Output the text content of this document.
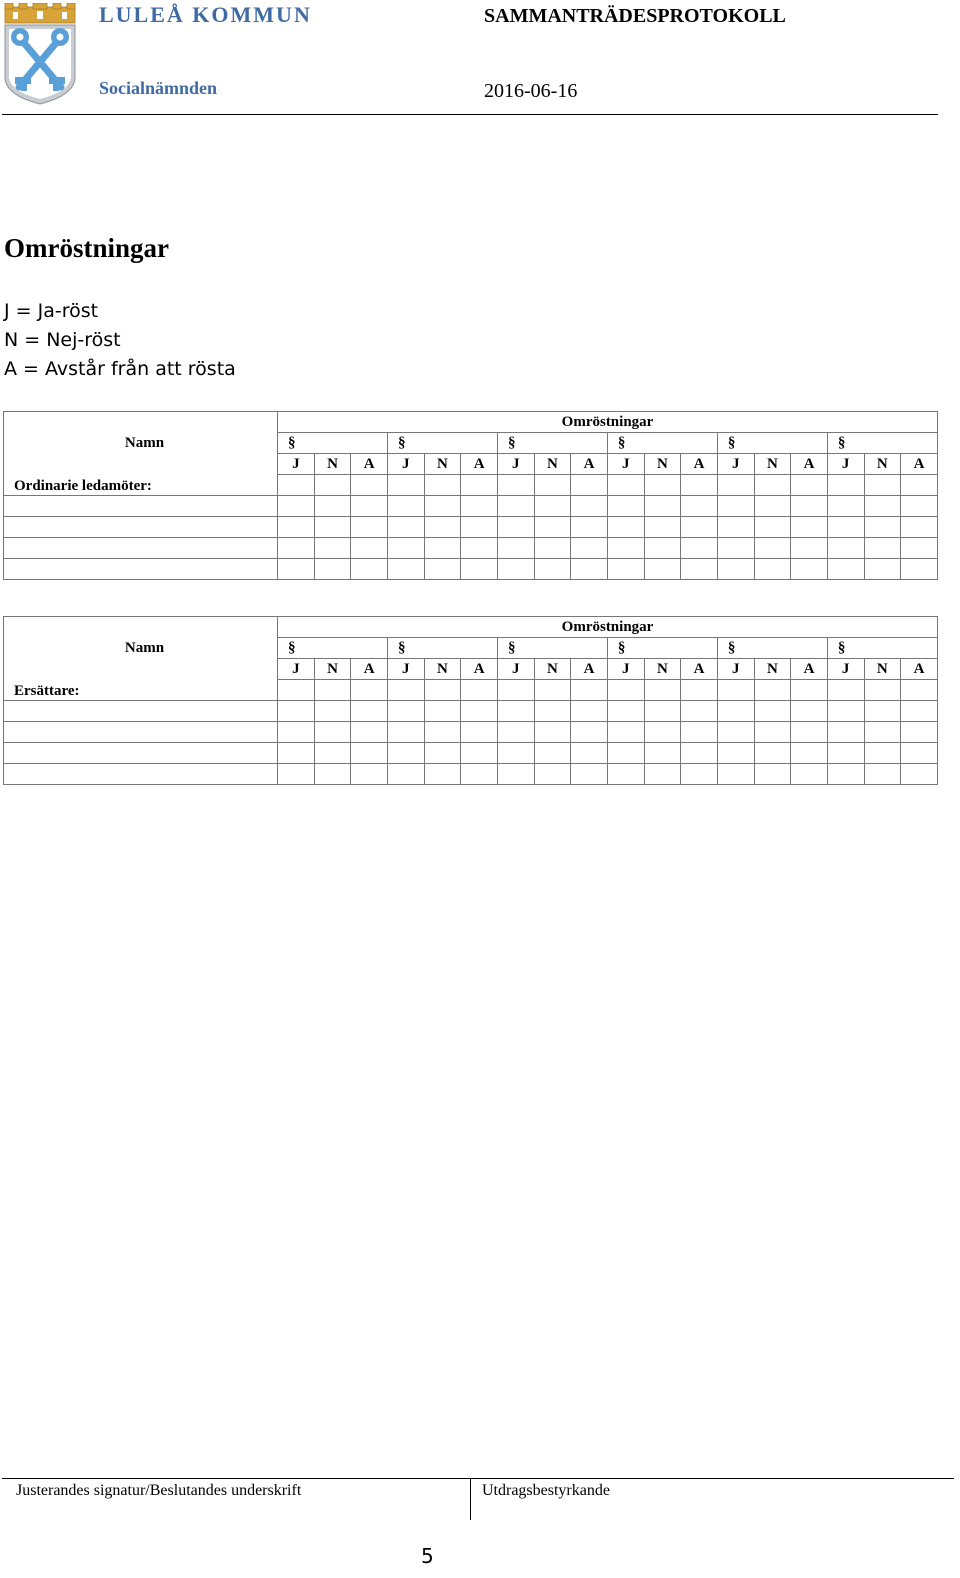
LULEÅ KOMMUN
Socialnämnden
SAMMANTRÄDESPROTOKOLL
2016-06-16
Omröstningar
J = Ja-röst
N = Nej-röst
A = Avstår från att rösta
Namn	Omröstningar																	
	§			§			§			§			§			§		
	J	N	A	J	N	A	J	N	A	J	N	A	J	N	A	J	N	A
Ordinarie ledamöter:																		

Namn	Omröstningar																	
	§			§			§			§			§			§		
	J	N	A	J	N	A	J	N	A	J	N	A	J	N	A	J	N	A
Ersättare:																		

Justerandes signatur/Beslutandes underskrift	Utdragsbestyrkande
5
